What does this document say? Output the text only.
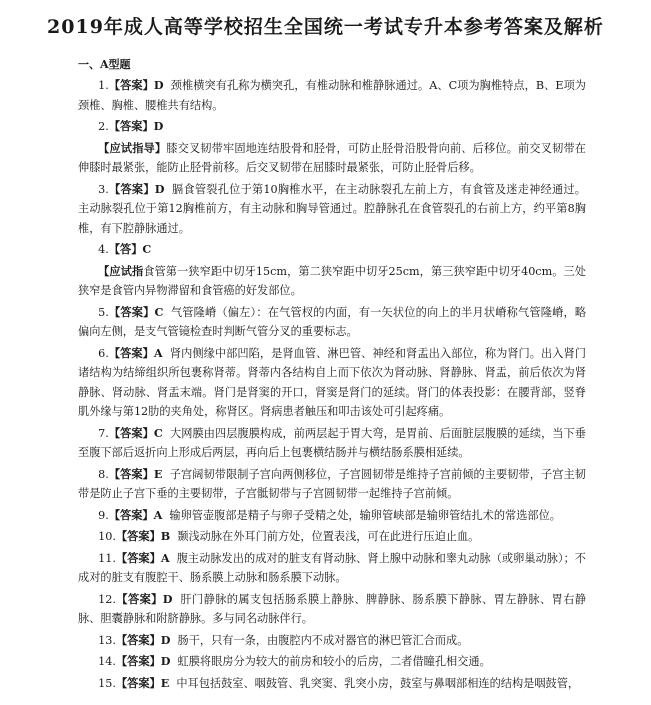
2019年成人高等学校招生全国统一考试专升本参考答案及解析
一、A型题

1.【答案】D 颈椎横突有孔称为横突孔，有椎动脉和椎静脉通过。A、C项为胸椎特点，B、E项为颈椎、胸椎、腰椎共有结构。

2.【答案】D

【应试指导】膝交叉韧带牢固地连结股骨和胫骨，可防止胫骨沿股骨向前、后移位。前交叉韧带在伸膝时最紧张，能防止胫骨前移。后交叉韧带在屈膝时最紧张，可防止胫骨后移。

3.【答案】D 膈食管裂孔位于第10胸椎水平，在主动脉裂孔左前上方，有食管及迷走神经通过。主动脉裂孔位于第12胸椎前方，有主动脉和胸导管通过。腔静脉孔在食管裂孔的右前上方，约平第8胸椎，有下腔静脉通过。

4.【答】C

【应试指食管第一狭窄距中切牙15cm，第二狭窄距中切牙25cm，第三狭窄距中切牙40cm。三处狭窄是食管内异物滞留和食管癌的好发部位。

5.【答案】C 气管隆嵴（偏左）：在气管杈的内面，有一矢状位的向上的半月状嵴称气管隆嵴，略偏向左侧，是支气管镜检查时判断气管分叉的重要标志。

6.【答案】A 肾内侧缘中部凹陷，是肾血管、淋巴管、神经和肾盂出入部位，称为肾门。出入肾门诸结构为结缔组织所包裹称肾蒂。肾蒂内各结构自上而下依次为肾动脉、肾静脉、肾盂，前后依次为肾静脉、肾动脉、肾盂末端。肾门是肾窦的开口，肾窦是肾门的延续。肾门的体表投影：在腰背部，竖脊肌外缘与第12肋的夹角处，称肾区。肾病患者触压和叩击该处可引起疼痛。

7.【答案】C 大网膜由四层腹膜构成，前两层起于胃大弯，是胃前、后面脏层腹膜的延续，当下垂至腹下部后返折向上形成后两层，再向后上包裹横结肠并与横结肠系膜相延续。

8.【答案】E 子宫阔韧带限制子宫向两侧移位，子宫圆韧带是维持子宫前倾的主要韧带，子宫主韧带是防止子宫下垂的主要韧带，子宫骶韧带与子宫圆韧带一起维持子宫前倾。

9.【答案】A 输卵管壶腹部是精子与卵子受精之处，输卵管峡部是输卵管结扎术的常选部位。

10.【答案】B 颞浅动脉在外耳门前方处，位置表浅，可在此进行压迫止血。

11.【答案】A 腹主动脉发出的成对的脏支有肾动脉、肾上腺中动脉和睾丸动脉（或卵巢动脉）；不成对的脏支有腹腔干、肠系膜上动脉和肠系膜下动脉。

12.【答案】D 肝门静脉的属支包括肠系膜上静脉、脾静脉、肠系膜下静脉、胃左静脉、胃右静脉、胆囊静脉和附脐静脉。多与同名动脉伴行。

13.【答案】D 肠干，只有一条，由腹腔内不成对器官的淋巴管汇合而成。

14.【答案】D 虹膜将眼房分为较大的前房和较小的后房，二者借瞳孔相交通。

15.【答案】E 中耳包括鼓室、咽鼓管、乳突窦、乳突小房，鼓室与鼻咽部相连的结构是咽鼓管，
